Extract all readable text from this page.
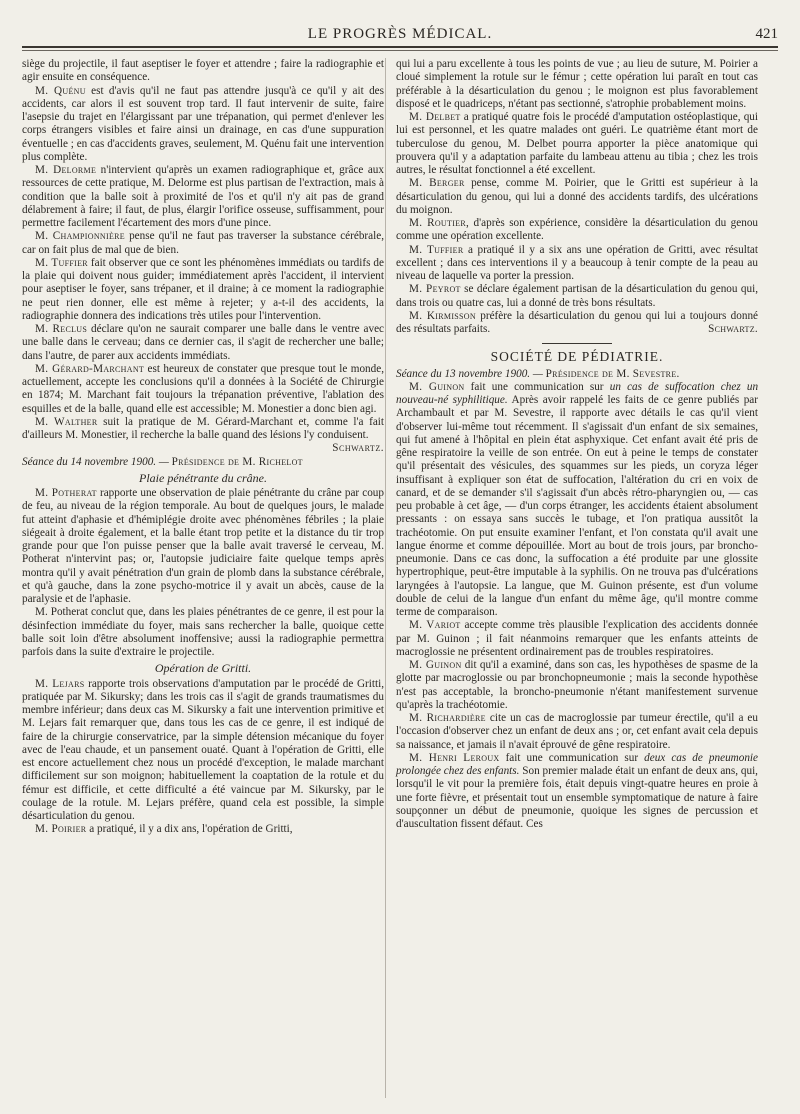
LE PROGRÈS MÉDICAL.	421

siège du projectile, il faut aseptiser le foyer et attendre ; faire la radiographie et agir ensuite en conséquence.

M. Quénu est d'avis qu'il ne faut pas attendre jusqu'à ce qu'il y ait des accidents, car alors il est souvent trop tard. Il faut intervenir de suite, faire l'asepsie du trajet en l'élargissant par une trépanation, qui permet d'enlever les corps étrangers visibles et faire ainsi un drainage, en cas d'une suppuration éventuelle ; en cas d'accidents graves, seulement, M. Quénu fait une intervention plus complète.

M. Delorme n'intervient qu'après un examen radiographique et, grâce aux ressources de cette pratique, M. Delorme est plus partisan de l'extraction, mais à condition que la balle soit à proximité de l'os et qu'il n'y ait pas de grand délabrement à faire; il faut, de plus, élargir l'orifice osseuse, suffisamment, pour permettre facilement l'écartement des mors d'une pince.

M. Championnière pense qu'il ne faut pas traverser la substance cérébrale, car on fait plus de mal que de bien.

M. Tuffier fait observer que ce sont les phénomènes immédiats ou tardifs de la plaie qui doivent nous guider; immédiatement après l'accident, il intervient pour aseptiser le foyer, sans trépaner, et il draine; à ce moment la radiographie ne peut rien donner, elle est même à rejeter; y a-t-il des accidents, la radiographie donnera des indications très utiles pour l'intervention.

M. Reclus déclare qu'on ne saurait comparer une balle dans le ventre avec une balle dans le cerveau; dans ce dernier cas, il s'agit de rechercher une balle; dans l'autre, de parer aux accidents immédiats.

M. Gérard-Marchant est heureux de constater que presque tout le monde, actuellement, accepte les conclusions qu'il a données à la Société de Chirurgie en 1874; M. Marchant fait toujours la trépanation préventive, l'ablation des esquilles et de la balle, quand elle est accessible; M. Monestier a donc bien agi.

M. Walther suit la pratique de M. Gérard-Marchant et, comme l'a fait d'ailleurs M. Monestier, il recherche la balle quand des lésions l'y conduisent.

Schwartz.

Séance du 14 novembre 1900. — Présidence de M. Richelot

Plaie pénétrante du crâne.

M. Potherat rapporte une observation de plaie pénétrante du crâne par coup de feu, au niveau de la région temporale. Au bout de quelques jours, le malade fut atteint d'aphasie et d'hémiplégie droite avec phénomènes fébriles ; la plaie siégeait à droite également, et la balle étant trop petite et la distance du tir trop grande pour que l'on puisse penser que la balle avait traversé le cerveau, M. Potherat n'intervint pas; or, l'autopsie judiciaire faite quelque temps après montra qu'il y avait pénétration d'un grain de plomb dans la substance cérébrale, et qu'à gauche, dans la zone psycho-motrice il y avait un abcès, cause de la paralysie et de l'aphasie.

M. Potherat conclut que, dans les plaies pénétrantes de ce genre, il est pour la désinfection immédiate du foyer, mais sans rechercher la balle, quoique cette balle soit loin d'être absolument inoffensive; aussi la radiographie permettra parfois dans la suite d'extraire le projectile.

Opération de Gritti.

M. Lejars rapporte trois observations d'amputation par le procédé de Gritti, pratiquée par M. Sikursky; dans les trois cas il s'agit de grands traumatismes du membre inférieur; dans deux cas M. Sikursky a fait une intervention primitive et M. Lejars fait remarquer que, dans tous les cas de ce genre, il est indiqué de faire de la chirurgie conservatrice, par la simple détension mécanique du foyer avec de l'eau chaude, et un pansement ouaté. Quant à l'opération de Gritti, elle est encore actuellement chez nous un procédé d'exception, le malade marchant difficilement sur son moignon; habituellement la coaptation de la rotule et du fémur est difficile, et cette difficulté a été vaincue par M. Sikursky, par le coulage de la rotule. M. Lejars préfère, quand cela est possible, la simple désarticulation du genou.

M. Poirier a pratiqué, il y a dix ans, l'opération de Gritti,

qui lui a paru excellente à tous les points de vue ; au lieu de suture, M. Poirier a cloué simplement la rotule sur le fémur ; cette opération lui paraît en tout cas préférable à la désarticulation du genou ; le moignon est plus favorablement disposé et le quadriceps, n'étant pas sectionné, s'atrophie probablement moins.

M. Delbet a pratiqué quatre fois le procédé d'amputation ostéoplastique, qui lui est personnel, et les quatre malades ont guéri. Le quatrième étant mort de tuberculose du genou, M. Delbet pourra apporter la pièce anatomique qui prouvera qu'il y a adaptation parfaite du lambeau attenu au tibia ; chez les trois autres, le résultat fonctionnel a été excellent.

M. Berger pense, comme M. Poirier, que le Gritti est supérieur à la désarticulation du genou, qui lui a donné des accidents tardifs, des ulcérations du moignon.

M. Routier, d'après son expérience, considère la désarticulation du genou comme une opération excellente.

M. Tuffier a pratiqué il y a six ans une opération de Gritti, avec résultat excellent ; dans ces interventions il y a beaucoup à tenir compte de la peau au niveau de laquelle va porter la pression.

M. Peyrot se déclare également partisan de la désarticulation du genou qui, dans trois ou quatre cas, lui a donné de très bons résultats.

M. Kirmisson préfère la désarticulation du genou qui lui a toujours donné des résultats parfaits.	Schwartz.

SOCIÉTÉ DE PÉDIATRIE.

Séance du 13 novembre 1900. — Présidence de M. Sevestre.

M. Guinon fait une communication sur un cas de suffocation chez un nouveau-né syphilitique. Après avoir rappelé les faits de ce genre publiés par Archambault et par M. Sevestre, il rapporte avec détails le cas qu'il vient d'observer lui-même tout récemment. Il s'agissait d'un enfant de six semaines, qui fut amené à l'hôpital en plein état asphyxique. Cet enfant avait été pris de gêne respiratoire la veille de son entrée. On eut à peine le temps de constater qu'il présentait des vésicules, des squammes sur les pieds, un coryza léger insuffisant à expliquer son état de suffocation, l'altération du cri en voix de canard, et de se demander s'il s'agissait d'un abcès rétro-pharyngien ou, — cas peu probable à cet âge, — d'un corps étranger, les accidents étaient absolument pressants : on essaya sans succès le tubage, et l'on pratiqua aussitôt la trachéotomie. On put ensuite examiner l'enfant, et l'on constata qu'il avait une langue énorme et comme dépouillée. Mort au bout de trois jours, par broncho-pneumonie. Dans ce cas donc, la suffocation a été produite par une glossite hypertrophique, peut-être imputable à la syphilis. On ne trouva pas d'ulcérations laryngées à l'autopsie. La langue, que M. Guinon présente, est d'un volume double de celui de la langue d'un enfant du même âge, qu'il montre comme terme de comparaison.

M. Variot accepte comme très plausible l'explication des accidents donnée par M. Guinon ; il fait néanmoins remarquer que les enfants atteints de macroglossie ne présentent ordinairement pas de troubles respiratoires.

M. Guinon dit qu'il a examiné, dans son cas, les hypothèses de spasme de la glotte par macroglossie ou par bronchopneumonie ; mais la seconde hypothèse n'est pas acceptable, la broncho-pneumonie n'étant manifestement survenue qu'après la trachéotomie.

M. Richardière cite un cas de macroglossie par tumeur érectile, qu'il a eu l'occasion d'observer chez un enfant de deux ans ; or, cet enfant avait cela depuis sa naissance, et jamais il n'avait éprouvé de gêne respiratoire.

M. Henri Leroux fait une communication sur deux cas de pneumonie prolongée chez des enfants. Son premier malade était un enfant de deux ans, qui, lorsqu'il le vit pour la première fois, était depuis vingt-quatre heures en proie à une forte fièvre, et présentait tout un ensemble symptomatique de nature à faire soupçonner un début de pneumonie, quoique les signes de percussion et d'auscultation fissent défaut. Ces
